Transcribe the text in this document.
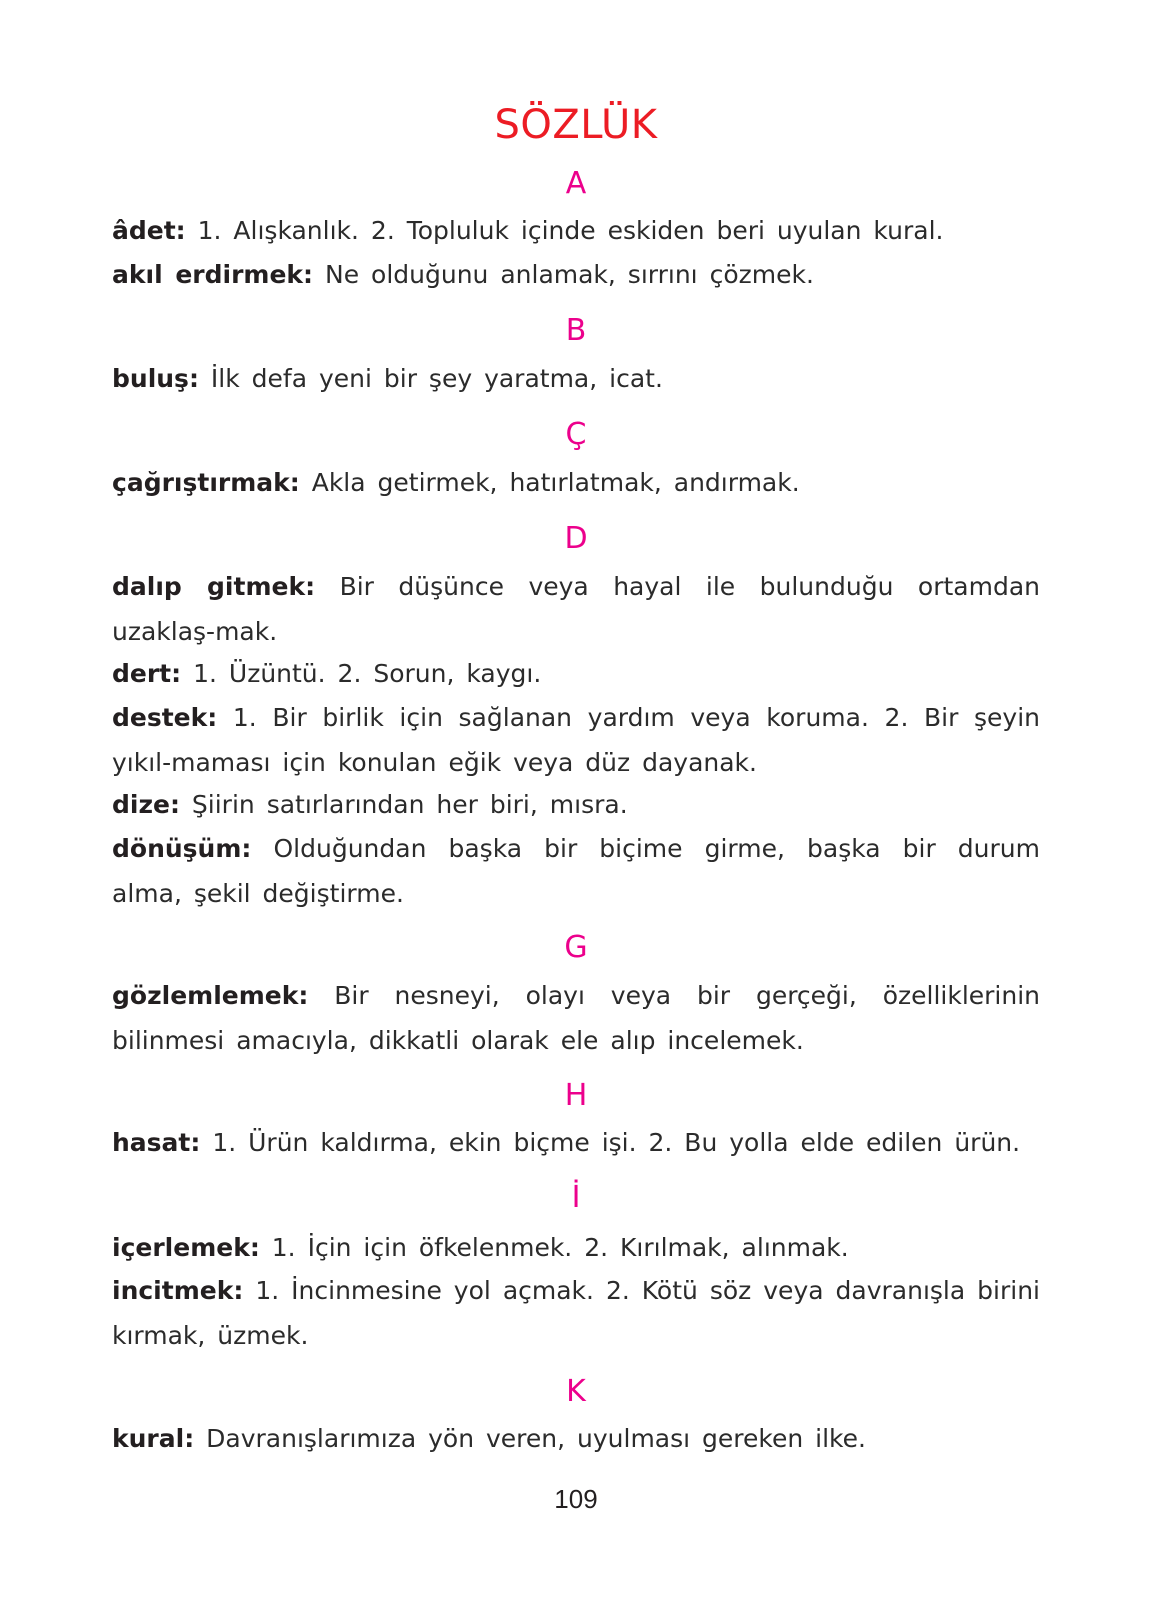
SÖZLÜK
A
âdet: 1. Alışkanlık. 2. Topluluk içinde eskiden beri uyulan kural.
akıl erdirmek: Ne olduğunu anlamak, sırrını çözmek.
B
buluş: İlk defa yeni bir şey yaratma, icat.
Ç
çağrıştırmak: Akla getirmek, hatırlatmak, andırmak.
D
dalıp gitmek: Bir düşünce veya hayal ile bulunduğu ortamdan uzaklaş-mak.
dert: 1. Üzüntü. 2. Sorun, kaygı.
destek: 1. Bir birlik için sağlanan yardım veya koruma. 2. Bir şeyin yıkıl-maması için konulan eğik veya düz dayanak.
dize: Şiirin satırlarından her biri, mısra.
dönüşüm: Olduğundan başka bir biçime girme, başka bir durum alma, şekil değiştirme.
G
gözlemlemek: Bir nesneyi, olayı veya bir gerçeği, özelliklerinin bilinmesi amacıyla, dikkatli olarak ele alıp incelemek.
H
hasat: 1. Ürün kaldırma, ekin biçme işi. 2. Bu yolla elde edilen ürün.
İ
içerlemek: 1. İçin için öfkelenmek. 2. Kırılmak, alınmak.
incitmek: 1. İncinmesine yol açmak. 2. Kötü söz veya davranışla birini kırmak, üzmek.
K
kural: Davranışlarımıza yön veren, uyulması gereken ilke.
109
